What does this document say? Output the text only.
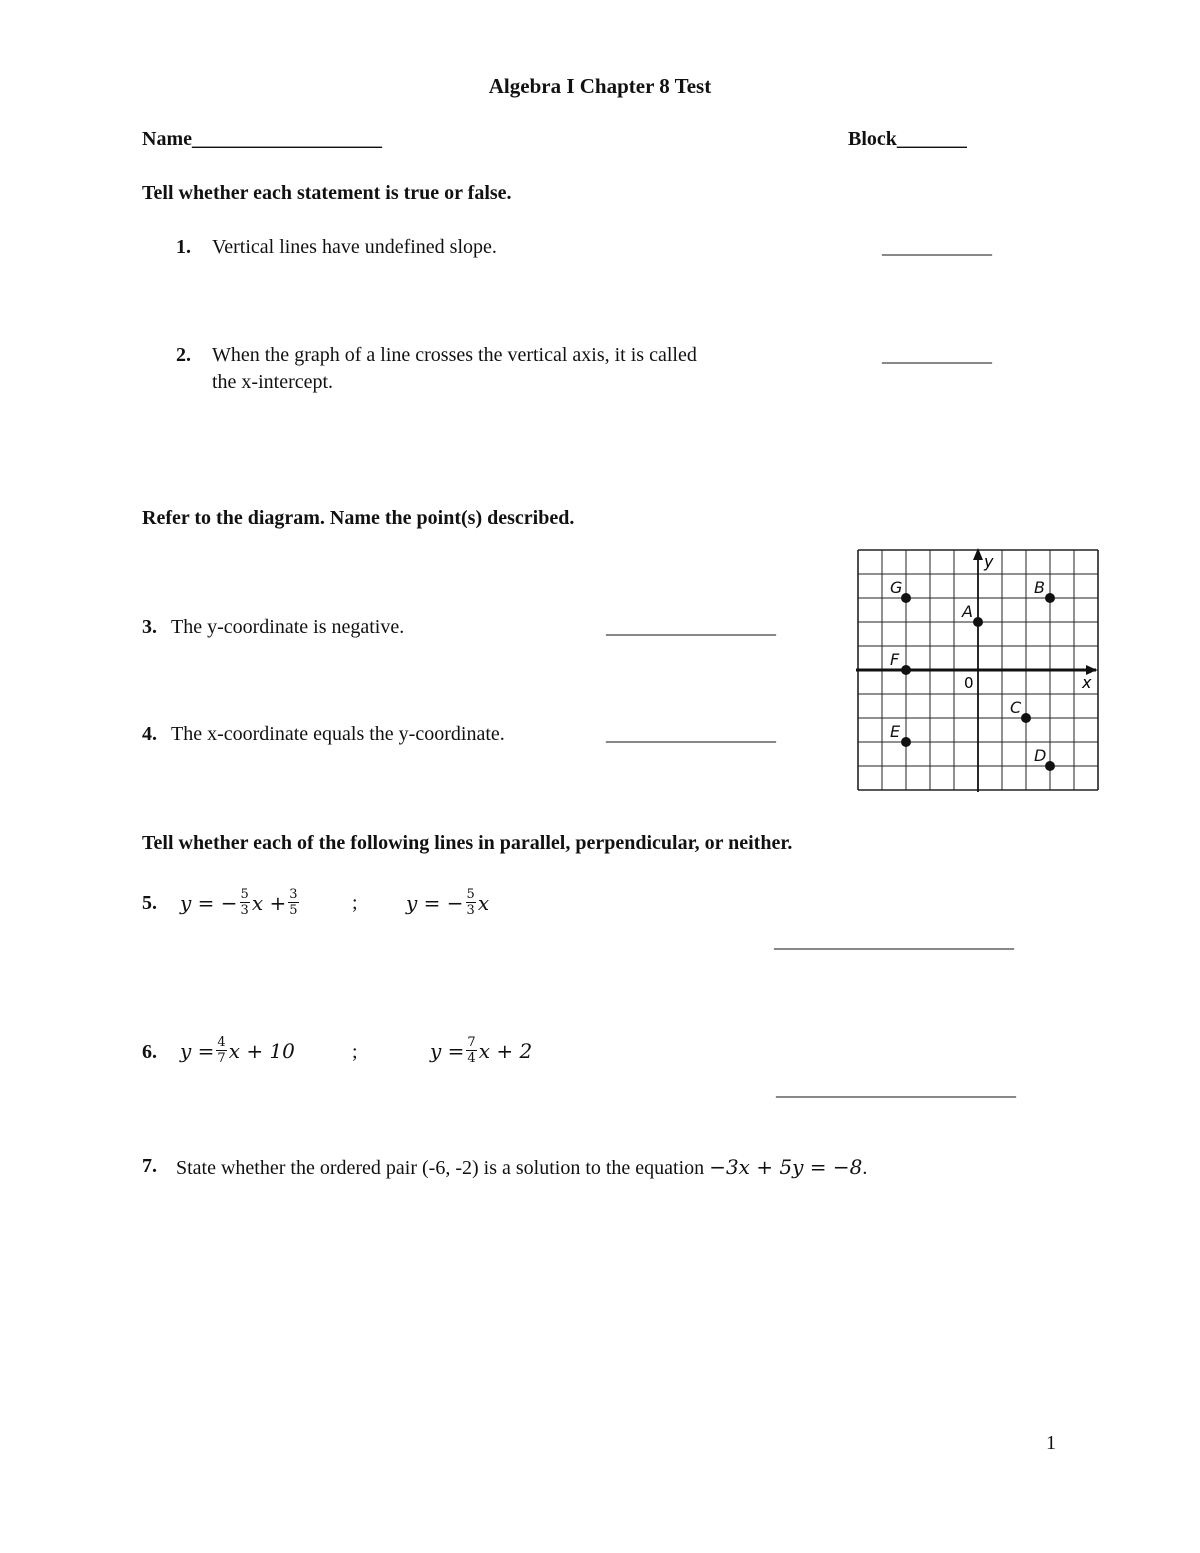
Algebra I Chapter 8 Test
Name___________________	Block_______
Tell whether each statement is true or false.
1. Vertical lines have undefined slope.	___________
2. When the graph of a line crosses the vertical axis, it is called
the x-intercept.
___________
Refer to the diagram. Name the point(s) described.
3. The y-coordinate is negative.	_________________
4. The x-coordinate equals the y-coordinate.	_________________
x
y
0
G	B
A
F
C
E
D
Tell whether each of the following lines in parallel, perpendicular, or neither.
5. y = − $\frac{5}{3}$ $x + \frac{3}{5}$	; y = − $\frac{5}{3}$ x
________________________
6. $y = \frac{4}{7}$ x + 10	;	$y = \frac{7}{4}$ x + 2
________________________
7. State whether the ordered pair (-6, -2) is a solution to the equation −3x + 5y = −8.
1
